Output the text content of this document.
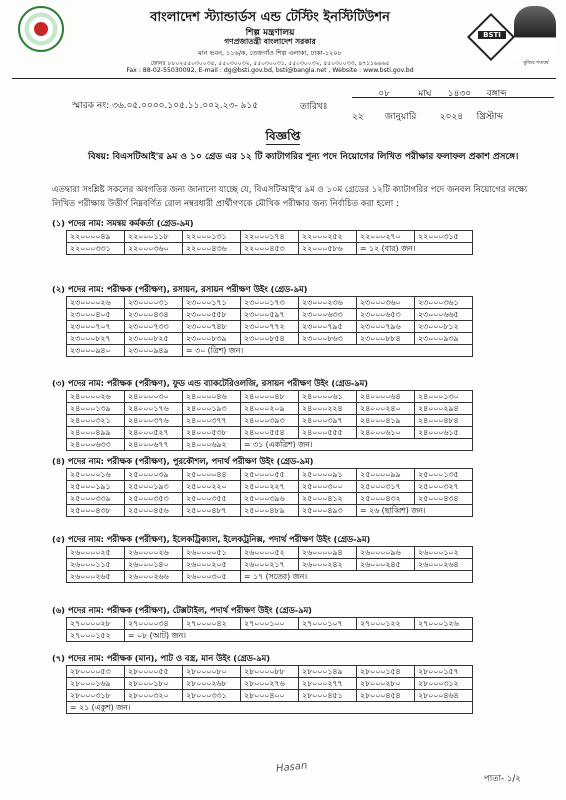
BSTI
মুজিব শতবর্ষ
বাংলাদেশ স্ট্যান্ডার্ডস এন্ড টেস্টিং ইনস্টিটিউশন
শিল্প মন্ত্রণালয়
গণপ্রজাতন্ত্রী বাংলাদেশ সরকার
মান ভবন, ১১৬/ক, তেজগাঁও শিল্প এলাকা, ঢাকা-১২০৮
ফোনঃ ৮৮০২৫৫০৩০০৩৫, ৫৫০৩০০৩২, ৫৫০৩০০৩১, ৫৫০৩০০৩২, ৫৫০৩০০৩৩, ৪৭১১৬৬৬৫
Fax : 88-02-55030092, E-mail : dg@bsti.gov.bd, bsti@bangla.net , Website : www.bsti.gov.bd
০৮	মাঘ ১৪৩০ বঙ্গাব্দ
স্মারক নং: ৩৬.০৫.০০০০.১০৫.১১.০০২.২৩- ৯১৫	তারিখঃ
২২ জানুয়ারি	২০২৪ খ্রিস্টাব্দ
বিজ্ঞপ্তি
বিষয়: বিএসটিআই'র ৯ম ও ১০ গ্রেড এর ১২ টি ক্যাটাগরির শূন্য পদে নিয়োগের লিখিত পরীক্ষার ফলাফল প্রকাশ প্রসঙ্গে।
এতদ্বারা সংশ্লিষ্ট সকলের অবগতির জন্য জানানো যাচ্ছে যে, বিএসটিআই'র ৯ম ও ১০ম গ্রেডের ১২টি ক্যাটাগরির পদে জনবল নিয়োগের লক্ষ্যে লিখিত পরীক্ষায় উত্তীর্ণ নিম্নবর্ণিত রোল নম্বরধারী প্রার্থীগণকে মৌখিক পরীক্ষার জন্য নির্বাচিত করা হলো :
(১) পদের নাম: সমন্বয় কর্মকর্তা (গ্রেড-৯ম)
২২০০০০৪৯	২২০০০১১৮	২২০০০১৩১	২২০০০১৭৪	২২০০০২৫২	২২০০০২৭০	২২০০০৩১৫
২২০০০৩৩১	২২০০০৩৬০	২২০০০৪৩৬	২২০০০৪৫৩	২২০০০৫৮৬	= ১২ (বার) জন।	
(২) পদের নাম: পরীক্ষক (পরীক্ষণ), রসায়ন, রসায়ন পরীক্ষণ উইং (গ্রেড-৯ম)
২৩০০০০২৬	২৩০০০০৩১	২৩০০০১৭১	২৩০০০১৭৩	২৩০০০২৩৬	২৩০০০৩৬০	২৩০০০৩৬১
২৩০০০৪০৫	২৩০০০৪৩৪	২৩০০০৫৫৮	২৩০০০৫৯৭	২৩০০০৬৩৩	২৩০০০৬৫৩	২৩০০০৬৬৫
২৩০০০৭০৭	২৩০০০৭৩৩	২৩০০০৭৪৮	২৩০০০৭৭২	২৩০০০৭৯৫	২৩০০০৭৯৬	২৩০০০৮১২
২৩০০০৮২৭	২৩০০০৮২৫	২৩০০০৮৩৯	২৩০০০৮৫৪	২৩০০০৮৬৩	২৩০০০৮৮৪	২৩০০০৯৩৯
২৩০০০৯৪০	২৩০০০৯৪৯	= ৩০ (ত্রিশ) জন।				
(৩) পদের নাম: পরীক্ষক (পরীক্ষণ), ফুড এন্ড ব্যাকটেরিওলজি, রসায়ন পরীক্ষণ উইং (গ্রেড-৯ম)
২৪০০০০২৬	২৪০০০০৩০	২৪০০০০৪৬	২৪০০০০৪৮	২৪০০০০৬১	২৪০০০০৬৪	২৪০০০১৩০
২৪০০০১৩৯	২৪০০০১৭৬	২৪০০০১৯৩	২৪০০০২০৯	২৪০০০২২৪	২৪০০০২৪০	২৪০০০২৯৪
২৪০০০৩২১	২৪০০০৩৭৬	২৪০০০৩৭৭	২৪০০০৩৯৩	২৪০০০৩৯৭	২৪০০০৪১৯	২৪০০০৪৮৪
২৪০০০৪৯৯	২৪০০০৫২৭	২৪০০০৫৩৮	২৪০০০৫৫৪	২৪০০০৫৫৫	২৪০০০৬১০	২৪০০০৬১৫
২৪০০০৬৩৩	২৪০০০৬৭৭	২৪০০০৬৯২	= ৩১ (একত্রিশ) জন।			
(৪) পদের নাম: পরীক্ষক (পরীক্ষণ), পুরকৌশল, পদার্থ পরীক্ষণ উইং (গ্রেড-৯ম)
২৫০০০০১৬	২৫০০০০৩৯	২৫০০০০৪৪	২৫০০০০৫৫	২৫০০০০৯১	২৫০০০০৯৯	২৫০০০১৩৫
২৫০০০১৯১	২৫০০০১৯৩	২৫০০০২২০	২৫০০০২২৭	২৫০০০৩০০	২৫০০০৩১৭	২৫০০০৩২৭
২৫০০০৩৩৯	২৫০০০৩৫৩	২৫০০০৩৫৫	২৫০০০৩৯৬	২৫০০০৪১২	২৫০০০৪৩২	২৫০০০৪৩৪
২৫০০০৪৩৮	২৫০০০৪৫৬	২৫০০০৪৮৭	২৫০০০৪৮৯	২৫০০০৪৯৩	= ২৬ (ছাব্বিশ) জন।	
(৫) পদের নাম: পরীক্ষক (পরীক্ষণ), ইলেকট্রিক্যাল, ইলেকট্রনিক্স, পদার্থ পরীক্ষণ উইং (গ্রেড-৯ম)
২৬০০০০২৫	২৬০০০০২৬	২৬০০০০৫১	২৬০০০০৫২	২৬০০০০৯৪	২৬০০০০৯৬	২৬০০০১০২
২৬০০০১১৫	২৬০০০১৪০	২৬০০০২০৫	২৬০০০২১৭	২৬০০০২৪২	২৬০০০২৪৫	২৬০০০২৬৪
২৬০০০২৬৫	২৬০০০২৬৬	২৬০০০৩০৫	= ১৭ (সতের) জন।			
(৬) পদের নাম: পরীক্ষক (পরীক্ষণ), টেক্সটাইল, পদার্থ পরীক্ষণ উইং (গ্রেড-৯ম)
২৭০০০০২৮	২৭০০০০৩৪	২৭০০০০৪২	২৭০০০১০০	২৭০০০১০৭	২৭০০০১২২	২৭০০০১২৬
২৭০০০১৫২	= ০৮ (আট) জন।					
(৭) পদের নাম: পরীক্ষক (মান), পাট ও বস্ত্র, মান উইং (গ্রেড-৯ম)
২৮০০০০৫৩	২৮০০০০৫৫	২৮০০০০৮০	২৮০০০০৮৮	২৮০০০১৪৯	২৮০০০১৫৪	২৮০০০১৫৭
২৮০০০১৬৯	২৮০০০১৮০	২৮০০০২৬৮	২৮০০০২৭৬	২৮০০০২৭৭	২৮০০০২৮০	২৮০০০৩১২
২৮০০০৩১৮	২৮০০০৩২০	২৮০০০৩৩১	২৮০০০৪০০	২৮০০০৪৫১	২৮০০০৪৫৪	২৮০০০৪৬৪
= ২১ (একুশ) জন।						
Hasan
পাতা- ১/২
